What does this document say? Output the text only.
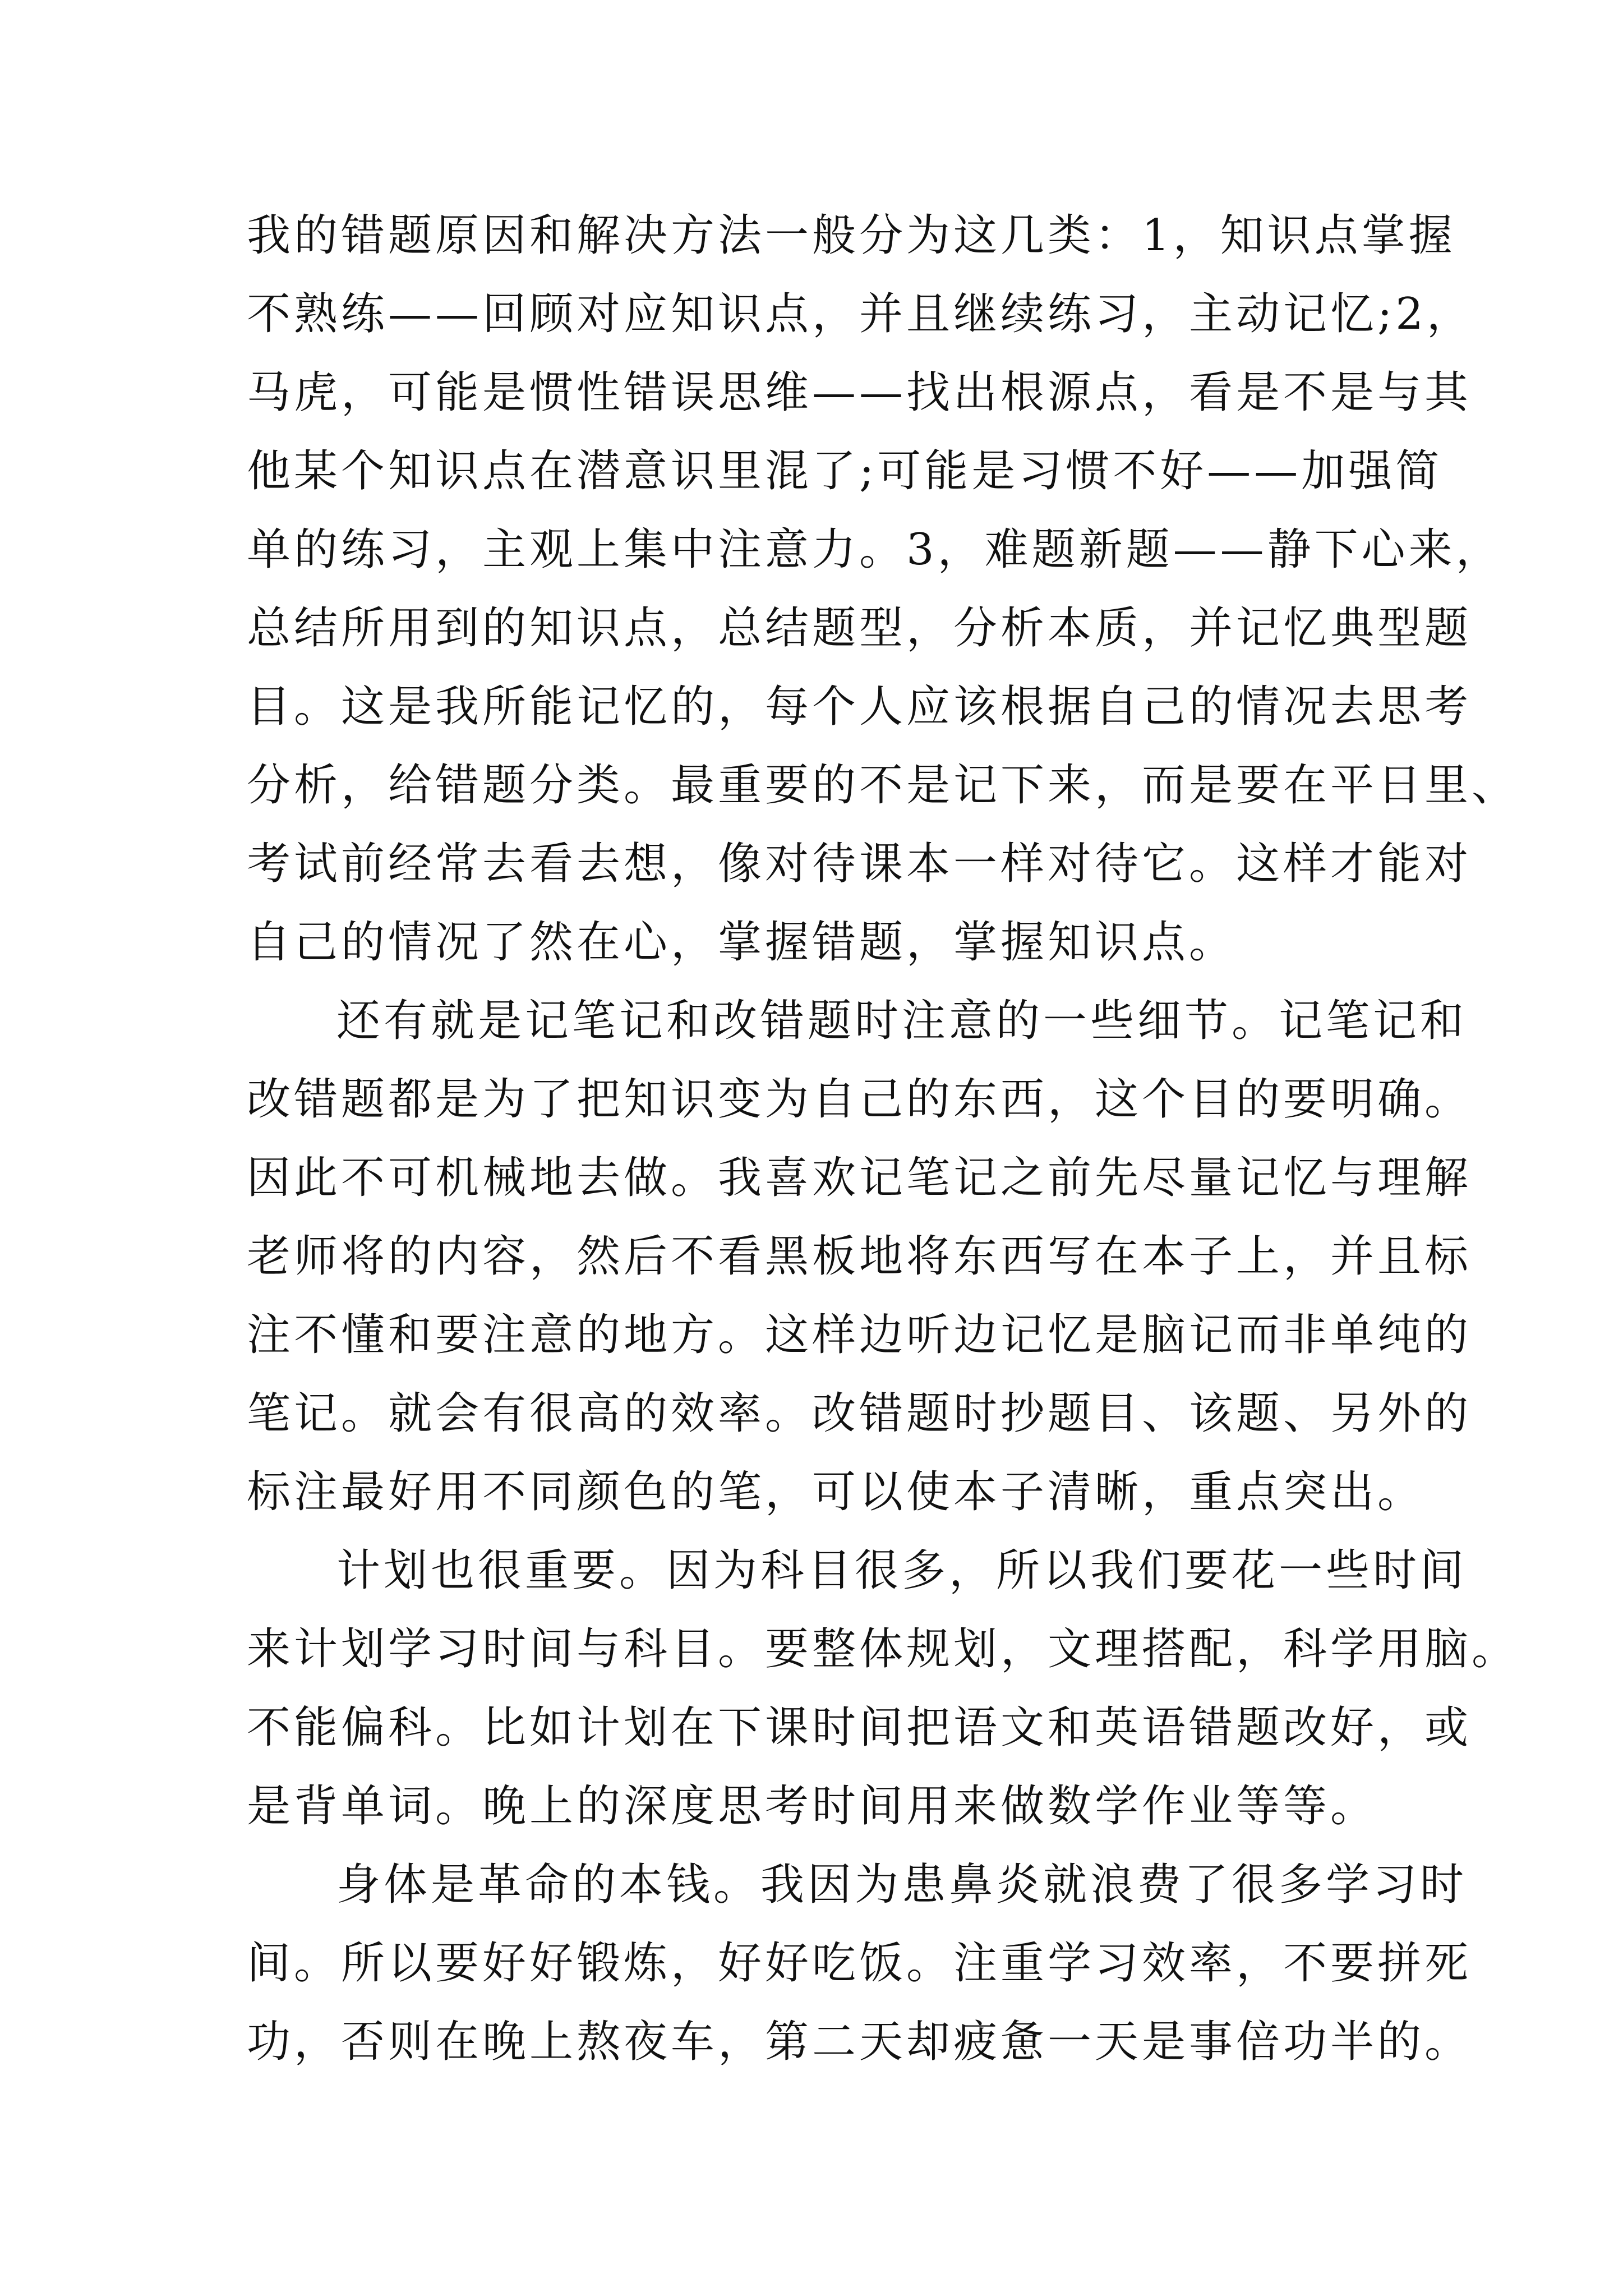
我的错题原因和解决方法一般分为这几类：1，知识点掌握
不熟练——回顾对应知识点，并且继续练习，主动记忆;2，
马虎，可能是惯性错误思维——找出根源点，看是不是与其
他某个知识点在潜意识里混了;可能是习惯不好——加强简
单的练习，主观上集中注意力。3，难题新题——静下心来，
总结所用到的知识点，总结题型，分析本质，并记忆典型题
目。这是我所能记忆的，每个人应该根据自己的情况去思考
分析，给错题分类。最重要的不是记下来，而是要在平日里、
考试前经常去看去想，像对待课本一样对待它。这样才能对
自己的情况了然在心，掌握错题，掌握知识点。
还有就是记笔记和改错题时注意的一些细节。记笔记和
改错题都是为了把知识变为自己的东西，这个目的要明确。
因此不可机械地去做。我喜欢记笔记之前先尽量记忆与理解
老师将的内容，然后不看黑板地将东西写在本子上，并且标
注不懂和要注意的地方。这样边听边记忆是脑记而非单纯的
笔记。就会有很高的效率。改错题时抄题目、该题、另外的
标注最好用不同颜色的笔，可以使本子清晰，重点突出。
计划也很重要。因为科目很多，所以我们要花一些时间
来计划学习时间与科目。要整体规划，文理搭配，科学用脑。
不能偏科。比如计划在下课时间把语文和英语错题改好，或
是背单词。晚上的深度思考时间用来做数学作业等等。
身体是革命的本钱。我因为患鼻炎就浪费了很多学习时
间。所以要好好锻炼，好好吃饭。注重学习效率，不要拼死
功，否则在晚上熬夜车，第二天却疲惫一天是事倍功半的。
